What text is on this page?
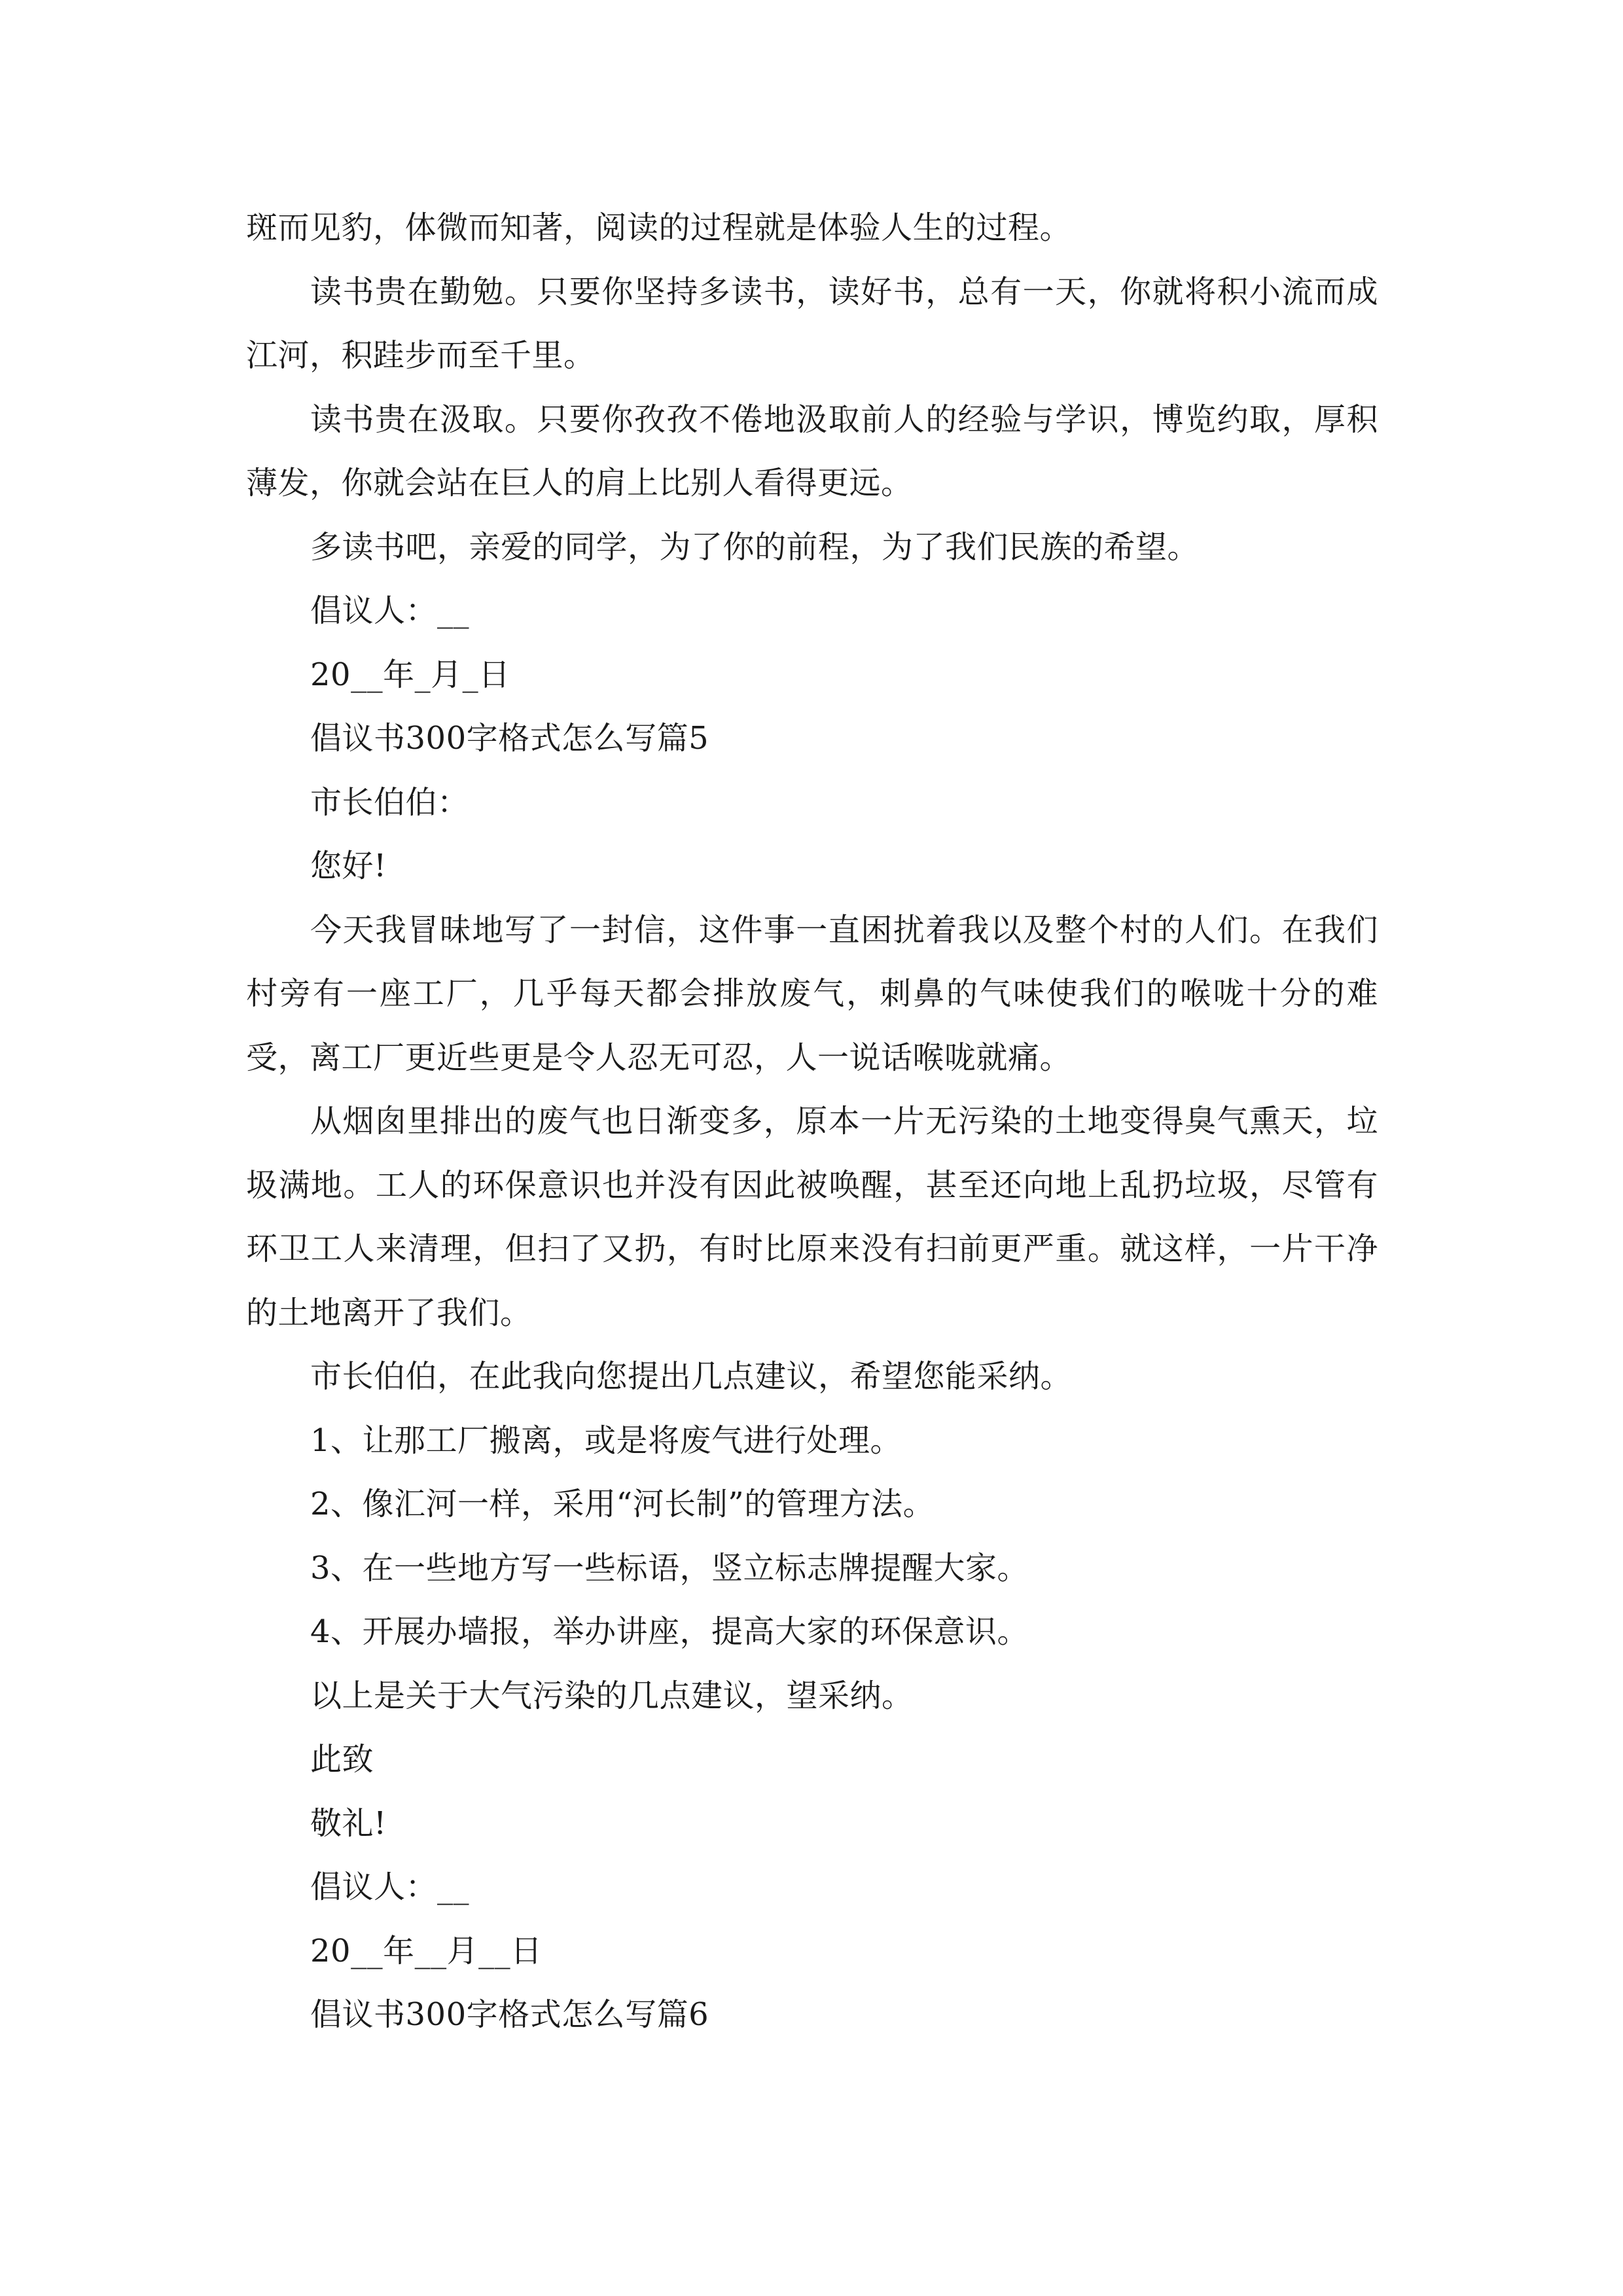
斑而见豹，体微而知著，阅读的过程就是体验人生的过程。

读书贵在勤勉。只要你坚持多读书，读好书，总有一天，你就将积小流而成江河，积跬步而至千里。

读书贵在汲取。只要你孜孜不倦地汲取前人的经验与学识，博览约取，厚积薄发，你就会站在巨人的肩上比别人看得更远。

多读书吧，亲爱的同学，为了你的前程，为了我们民族的希望。

倡议人：__

20__年_月_日

倡议书300字格式怎么写篇5

市长伯伯：

您好!

今天我冒昧地写了一封信，这件事一直困扰着我以及整个村的人们。在我们村旁有一座工厂，几乎每天都会排放废气，刺鼻的气味使我们的喉咙十分的难受，离工厂更近些更是令人忍无可忍，人一说话喉咙就痛。

从烟囱里排出的废气也日渐变多，原本一片无污染的土地变得臭气熏天，垃圾满地。工人的环保意识也并没有因此被唤醒，甚至还向地上乱扔垃圾，尽管有环卫工人来清理，但扫了又扔，有时比原来没有扫前更严重。就这样，一片干净的土地离开了我们。

市长伯伯，在此我向您提出几点建议，希望您能采纳。

1、让那工厂搬离，或是将废气进行处理。

2、像汇河一样，采用“河长制”的管理方法。

3、在一些地方写一些标语，竖立标志牌提醒大家。

4、开展办墙报，举办讲座，提高大家的环保意识。

以上是关于大气污染的几点建议，望采纳。

此致

敬礼!

倡议人：__

20__年__月__日

倡议书300字格式怎么写篇6
